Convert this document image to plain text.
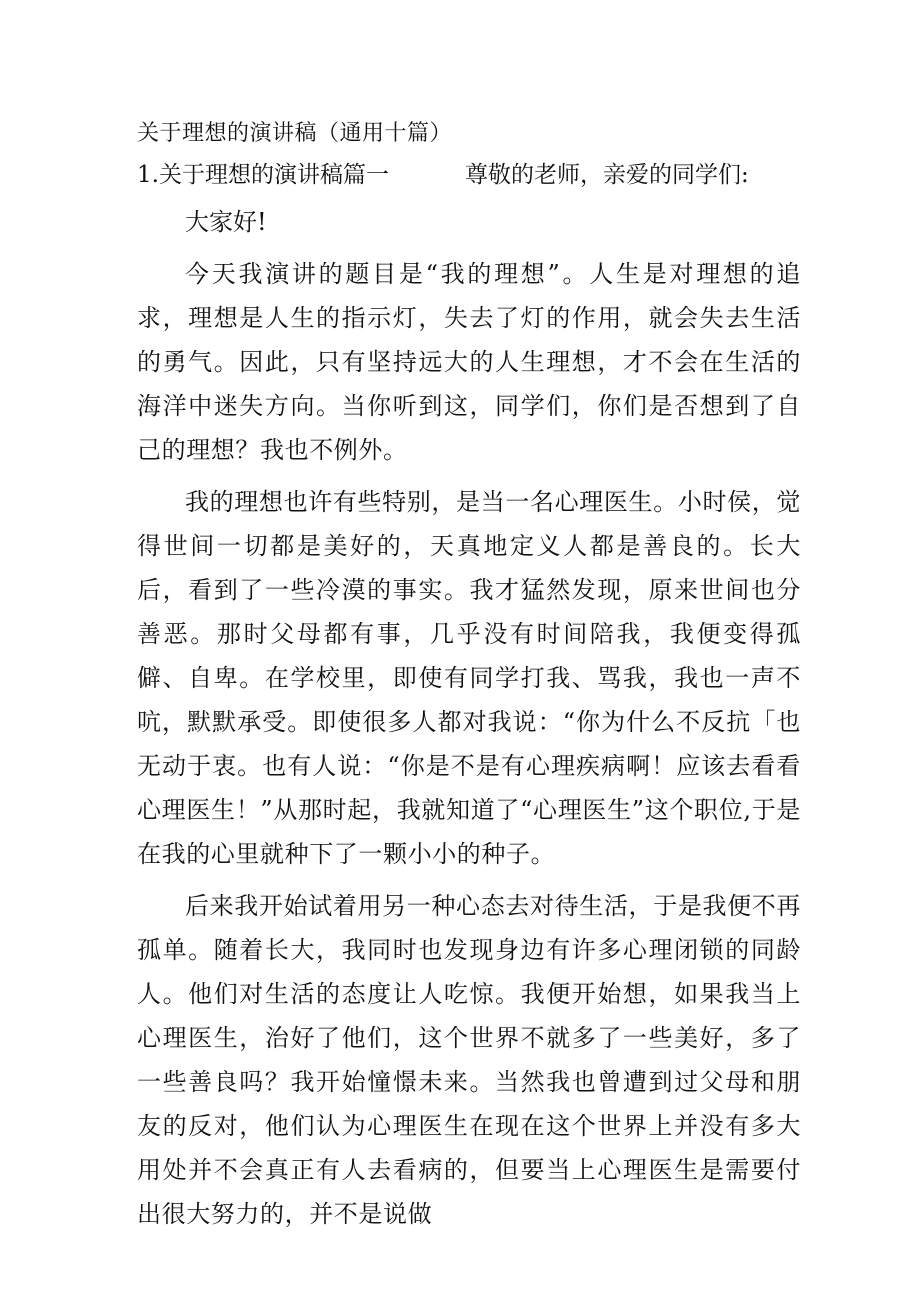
关于理想的演讲稿（通用十篇）
1.关于理想的演讲稿篇一	尊敬的老师，亲爱的同学们:
大家好!

今天我演讲的题目是“我的理想”。人生是对理想的追求，理想是人生的指示灯，失去了灯的作用，就会失去生活的勇气。因此，只有坚持远大的人生理想，才不会在生活的海洋中迷失方向。当你听到这，同学们，你们是否想到了自己的理想？我也不例外。

我的理想也许有些特别，是当一名心理医生。小时侯，觉得世间一切都是美好的，天真地定义人都是善良的。长大后，看到了一些冷漠的事实。我才猛然发现，原来世间也分善恶。那时父母都有事，几乎没有时间陪我，我便变得孤僻、自卑。在学校里，即使有同学打我、骂我，我也一声不吭，默默承受。即使很多人都对我说：“你为什么不反抗「也无动于衷。也有人说：“你是不是有心理疾病啊！应该去看看心理医生！”从那时起，我就知道了“心理医生”这个职位,于是在我的心里就种下了一颗小小的种子。

后来我开始试着用另一种心态去对待生活，于是我便不再孤单。随着长大，我同时也发现身边有许多心理闭锁的同龄人。他们对生活的态度让人吃惊。我便开始想，如果我当上心理医生，治好了他们，这个世界不就多了一些美好，多了一些善良吗？我开始憧憬未来。当然我也曾遭到过父母和朋友的反对，他们认为心理医生在现在这个世界上并没有多大用处并不会真正有人去看病的，但要当上心理医生是需要付出很大努力的，并不是说做
